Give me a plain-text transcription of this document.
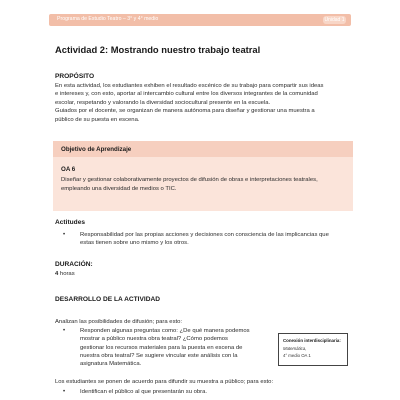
Programa de Estudio Teatro – 3° y 4° medio	Unidad 1
Actividad 2: Mostrando nuestro trabajo teatral
PROPÓSITO
En esta actividad, los estudiantes exhiben el resultado escénico de su trabajo para compartir sus ideas
e intereses y, con esto, aportar al intercambio cultural entre los diversos integrantes de la comunidad
escolar, respetando y valorando la diversidad sociocultural presente en la escuela.
Guiados por el docente, se organizan de manera autónoma para diseñar y gestionar una muestra a
público de su puesta en escena.
Objetivo de Aprendizaje
OA 6
Diseñar y gestionar colaborativamente proyectos de difusión de obras e interpretaciones teatrales,
empleando una diversidad de medios o TIC.
Actitudes
•	Responsabilidad por las propias acciones y decisiones con consciencia de las implicancias que
estas tienen sobre uno mismo y los otros.
DURACIÓN:
4 horas
DESARROLLO DE LA ACTIVIDAD
Analizan las posibilidades de difusión; para esto:
•	Responden algunas preguntas como: ¿De qué manera podemos
mostrar a público nuestra obra teatral? ¿Cómo podemos
gestionar los recursos materiales para la puesta en escena de
nuestra obra teatral? Se sugiere vincular este análisis con la
asignatura Matemática.
Conexión interdisciplinaria:
Matemática,
4° medio OA 1
Los estudiantes se ponen de acuerdo para difundir su muestra a público; para esto:
•	Identifican el público al que presentarán su obra.
